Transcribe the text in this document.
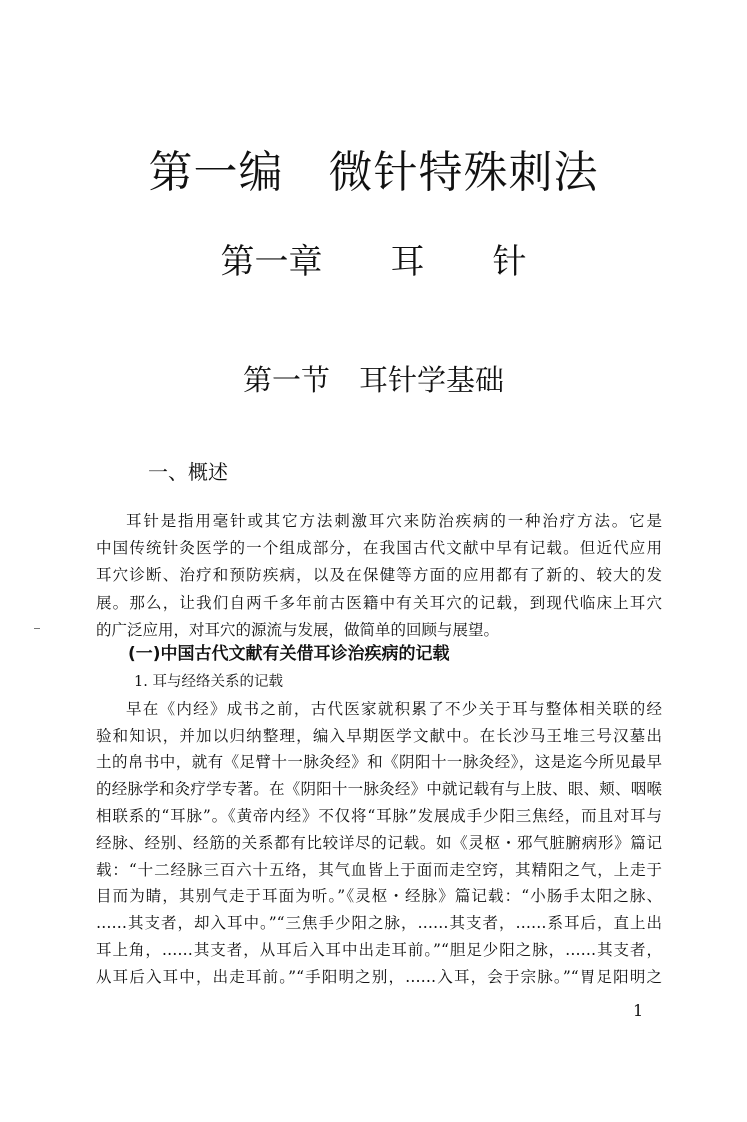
第一编　微针特殊刺法
第一章　　耳　　针
第一节　耳针学基础
一、概述
耳针是指用毫针或其它方法刺激耳穴来防治疾病的一种治疗方法。它是
中国传统针灸医学的一个组成部分，在我国古代文献中早有记载。但近代应用
耳穴诊断、治疗和预防疾病，以及在保健等方面的应用都有了新的、较大的发
展。那么，让我们自两千多年前古医籍中有关耳穴的记载，到现代临床上耳穴
的广泛应用，对耳穴的源流与发展，做简单的回顾与展望。
(一)中国古代文献有关借耳诊治疾病的记载
1. 耳与经络关系的记载
早在《内经》成书之前，古代医家就积累了不少关于耳与整体相关联的经
验和知识，并加以归纳整理，编入早期医学文献中。在长沙马王堆三号汉墓出
土的帛书中，就有《足臂十一脉灸经》和《阴阳十一脉灸经》，这是迄今所见最早
的经脉学和灸疗学专著。在《阴阳十一脉灸经》中就记载有与上肢、眼、颊、咽喉
相联系的“耳脉”。《黄帝内经》不仅将“耳脉”发展成手少阳三焦经，而且对耳与
经脉、经别、经筋的关系都有比较详尽的记载。如《灵枢・邪气脏腑病形》篇记
载：“十二经脉三百六十五络，其气血皆上于面而走空窍，其精阳之气，上走于
目而为睛，其别气走于耳面为听。”《灵枢・经脉》篇记载：“小肠手太阳之脉、
……其支者，却入耳中。”“三焦手少阳之脉，……其支者，……系耳后，直上出
耳上角，……其支者，从耳后入耳中出走耳前。”“胆足少阳之脉，……其支者，
从耳后入耳中，出走耳前。”“手阳明之别，……入耳，会于宗脉。”“胃足阳明之
1
